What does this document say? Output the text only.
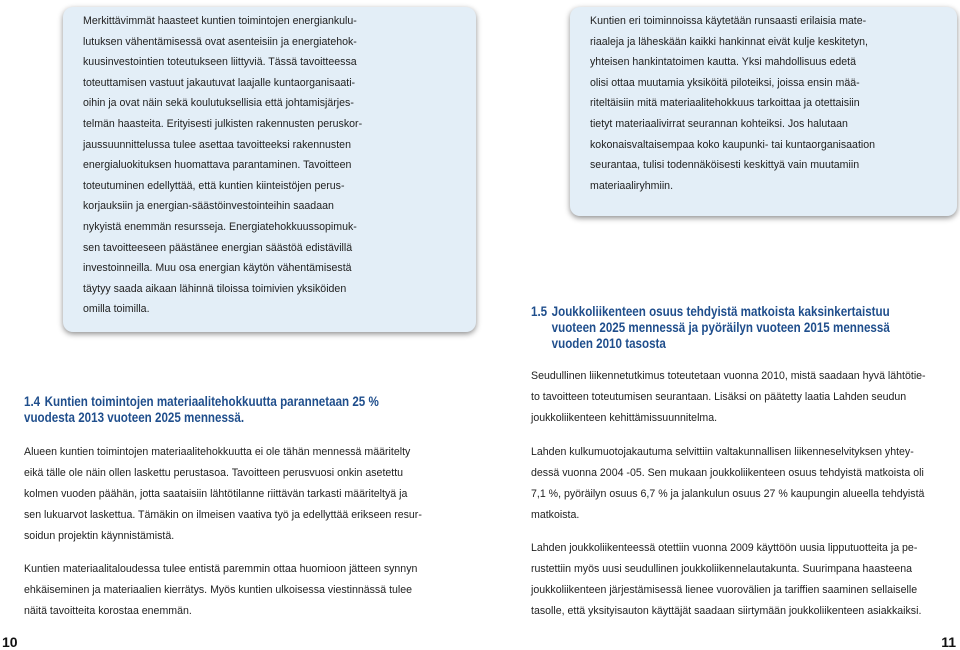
Merkittävimmät haasteet kuntien toimintojen energiankulu-
lutuksen vähentämisessä ovat asenteisiin ja energiatehok-
kuusinvestointien toteutukseen liittyviä. Tässä tavoitteessa
toteuttamisen vastuut jakautuvat laajalle kuntaorganisaati-
oihin ja ovat näin sekä koulutuksellisia että johtamisjärjes-
telmän haasteita. Erityisesti julkisten rakennusten peruskor-
jaussuunnittelussa tulee asettaa tavoitteeksi rakennusten
energialuokituksen huomattava parantaminen. Tavoitteen
toteutuminen edellyttää, että kuntien kiinteistöjen perus-
korjauksiin ja energian-säästöinvestointeihin saadaan
nykyistä enemmän resursseja. Energiatehokkuussopimuk-
sen tavoitteeseen päästänee energian säästöä edistävillä
investoinneilla. Muu osa energian käytön vähentämisestä
täytyy saada aikaan lähinnä tiloissa toimivien yksiköiden
omilla toimilla.
Kuntien eri toiminnoissa käytetään runsaasti erilaisia mate-
riaaleja ja läheskään kaikki hankinnat eivät kulje keskitetyn,
yhteisen hankintatoimen kautta. Yksi mahdollisuus edetä
olisi ottaa muutamia yksiköitä piloteiksi, joissa ensin mää-
riteltäisiin mitä materiaalitehokkuus tarkoittaa ja otettaisiin
tietyt materiaalivirrat seurannan kohteiksi. Jos halutaan
kokonaisvaltaisempaa koko kaupunki- tai kuntaorganisaation
seurantaa, tulisi todennäköisesti keskittyä vain muutamiin
materiaaliryhmiin.
1.4 Kuntien toimintojen materiaalitehokkuutta parannetaan 25 %
vuodesta 2013 vuoteen 2025 mennessä.
1.5 Joukkoliikenteen osuus tehdyistä matkoista kaksinkertaistuu
vuoteen 2025 mennessä ja pyöräilyn vuoteen 2015 mennessä
vuoden 2010 tasosta
Alueen kuntien toimintojen materiaalitehokkuutta ei ole tähän mennessä määritelty
eikä tälle ole näin ollen laskettu perustasoa. Tavoitteen perusvuosi onkin asetettu
kolmen vuoden päähän, jotta saataisiin lähtötilanne riittävän tarkasti määriteltyä ja
sen lukuarvot laskettua. Tämäkin on ilmeisen vaativa työ ja edellyttää erikseen resur-
soidun projektin käynnistämistä.
Kuntien materiaalitaloudessa tulee entistä paremmin ottaa huomioon jätteen synnyn
ehkäiseminen ja materiaalien kierrätys. Myös kuntien ulkoisessa viestinnässä tulee
näitä tavoitteita korostaa enemmän.
Seudullinen liikennetutkimus toteutetaan vuonna 2010, mistä saadaan hyvä lähtötie-
to tavoitteen toteutumisen seurantaan. Lisäksi on päätetty laatia Lahden seudun
joukkoliikenteen kehittämissuunnitelma.
Lahden kulkumuotojakautuma selvittiin valtakunnallisen liikenneselvityksen yhtey-
dessä vuonna 2004 -05. Sen mukaan joukkoliikenteen osuus tehdyistä matkoista oli
7,1 %, pyöräilyn osuus 6,7 % ja jalankulun osuus 27 % kaupungin alueella tehdyistä
matkoista.
Lahden joukkoliikenteessä otettiin vuonna 2009 käyttöön uusia lipputuotteita ja pe-
rustettiin myös uusi seudullinen joukkoliikennelautakunta. Suurimpana haasteena
joukkoliikenteen järjestämisessä lienee vuorovälien ja tariffien saaminen sellaiselle
tasolle, että yksityisauton käyttäjät saadaan siirtymään joukkoliikenteen asiakkaiksi.
10	11
